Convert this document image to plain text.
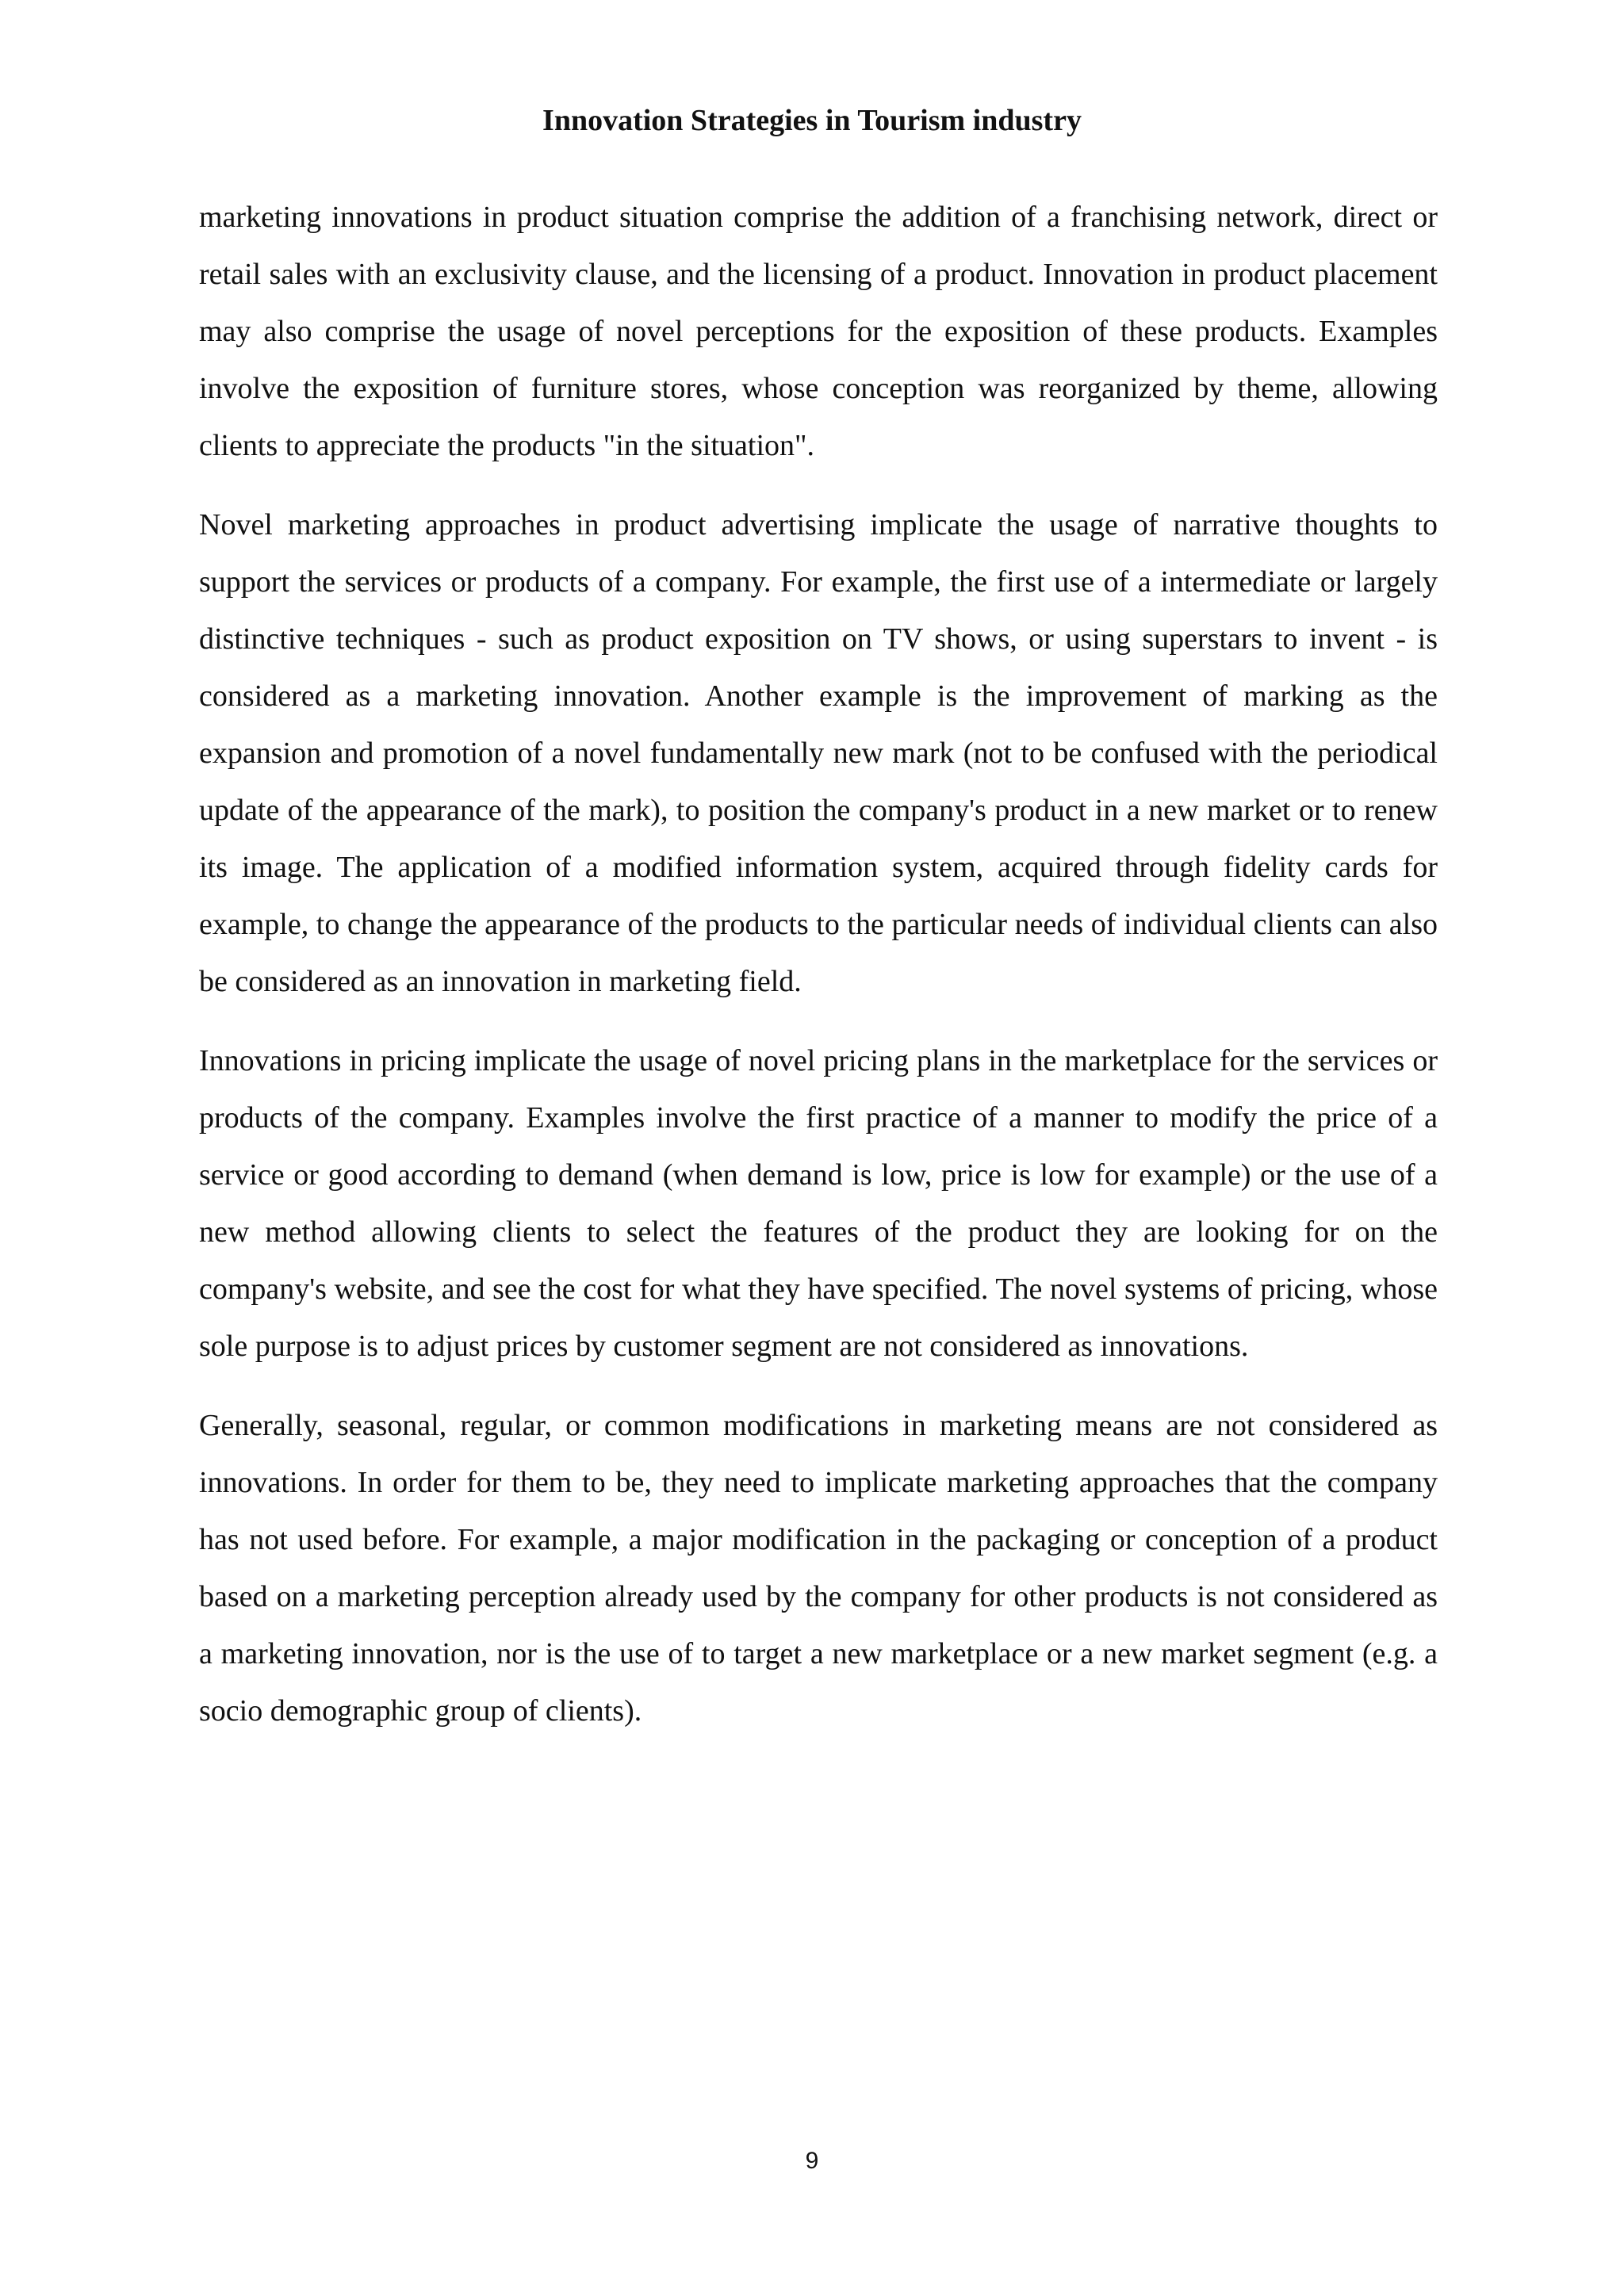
Innovation Strategies in Tourism industry

marketing innovations in product situation comprise the addition of a franchising network, direct or retail sales with an exclusivity clause, and the licensing of a product. Innovation in product placement may also comprise the usage of novel perceptions for the exposition of these products. Examples involve the exposition of furniture stores, whose conception was reorganized by theme, allowing clients to appreciate the products "in the situation".

Novel marketing approaches in product advertising implicate the usage of narrative thoughts to support the services or products of a company. For example, the first use of a intermediate or largely distinctive techniques - such as product exposition on TV shows, or using superstars to invent - is considered as a marketing innovation. Another example is the improvement of marking as the expansion and promotion of a novel fundamentally new mark (not to be confused with the periodical update of the appearance of the mark), to position the company's product in a new market or to renew its image. The application of a modified information system, acquired through fidelity cards for example, to change the appearance of the products to the particular needs of individual clients can also be considered as an innovation in marketing field.

Innovations in pricing implicate the usage of novel pricing plans in the marketplace for the services or products of the company. Examples involve the first practice of a manner to modify the price of a service or good according to demand (when demand is low, price is low for example) or the use of a new method allowing clients to select the features of the product they are looking for on the company's website, and see the cost for what they have specified. The novel systems of pricing, whose sole purpose is to adjust prices by customer segment are not considered as innovations.

Generally, seasonal, regular, or common modifications in marketing means are not considered as innovations. In order for them to be, they need to implicate marketing approaches that the company has not used before. For example, a major modification in the packaging or conception of a product based on a marketing perception already used by the company for other products is not considered as a marketing innovation, nor is the use of to target a new marketplace or a new market segment (e.g. a socio demographic group of clients).

9
